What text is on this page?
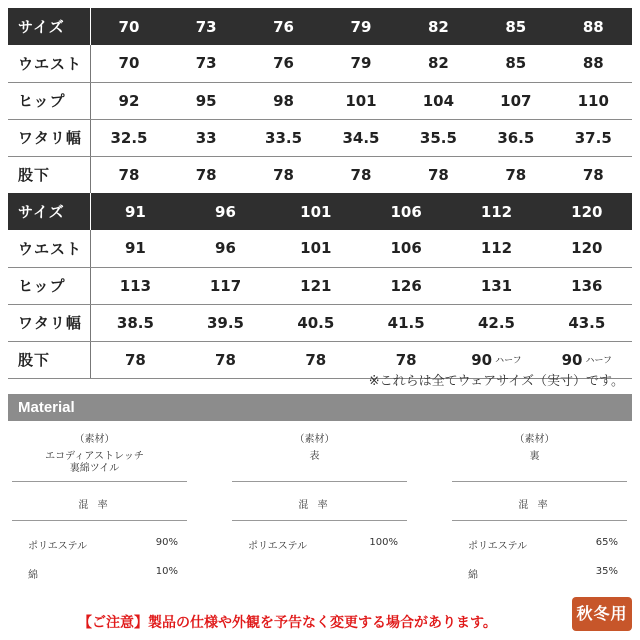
サイズ	70	73	76	79	82	85	88
ウエスト	70	73	76	79	82	85	88
ヒップ	92	95	98	101	104	107	110
ワタリ幅	32.5	33	33.5	34.5	35.5	36.5	37.5
股下	78	78	78	78	78	78	78
サイズ	91	96	101	106	112	120
ウエスト	91	96	101	106	112	120
ヒップ	113	117	121	126	131	136
ワタリ幅	38.5	39.5	40.5	41.5	42.5	43.5
股下	78	78	78	78	90 ハーフ	90 ハーフ
※これらは全てウェアサイズ（実寸）です。
Material
（素材）
エコディアストレッチ
裏綿ツイル
混 率
ポリエステル	90%
綿	10%
（素材）
表
混 率
ポリエステル	100%
（素材）
裏
混 率
ポリエステル	65%
綿	35%
【ご注意】製品の仕様や外観を予告なく変更する場合があります。	秋冬用
